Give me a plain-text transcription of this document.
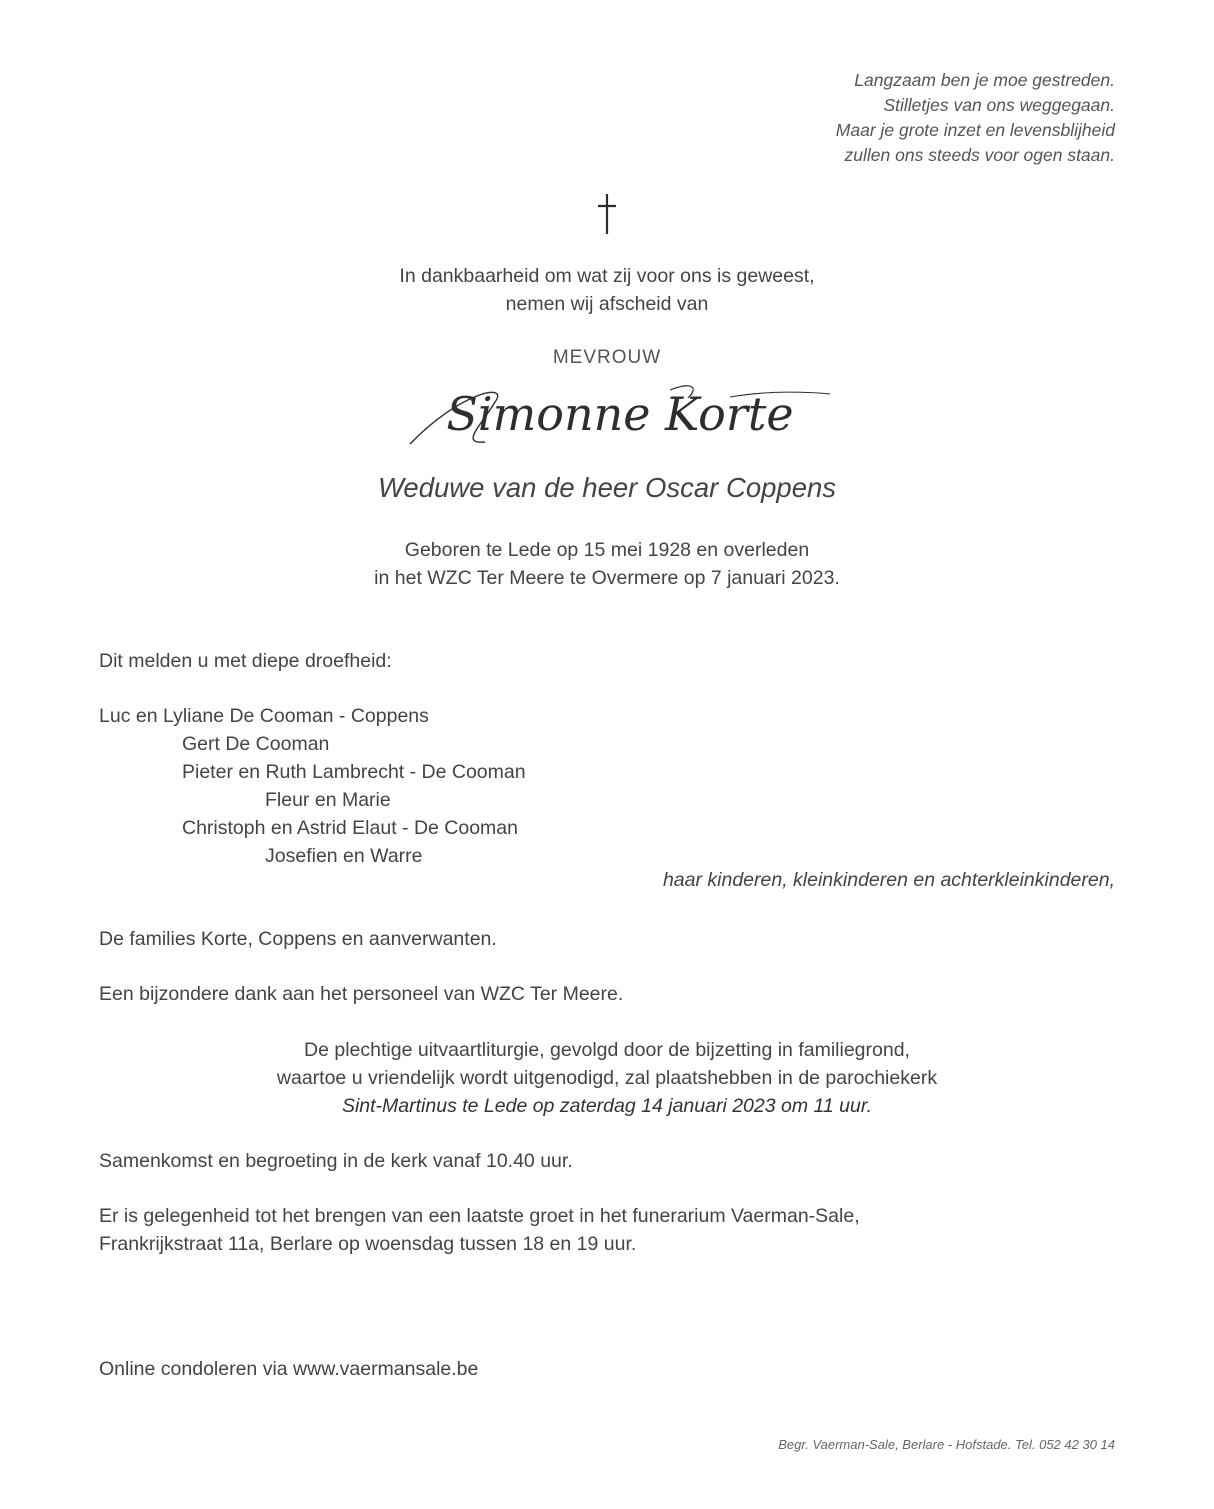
Langzaam ben je moe gestreden.
Stilletjes van ons weggegaan.
Maar je grote inzet en levensblijheid
zullen ons steeds voor ogen staan.
In dankbaarheid om wat zij voor ons is geweest,
nemen wij afscheid van
MEVROUW
Simonne Korte
Weduwe van de heer Oscar Coppens
Geboren te Lede op 15 mei 1928 en overleden
in het WZC Ter Meere te Overmere op 7 januari 2023.
Dit melden u met diepe droefheid:
Luc en Lyliane De Cooman - Coppens
Gert De Cooman
Pieter en Ruth Lambrecht - De Cooman
Fleur en Marie
Christoph en Astrid Elaut - De Cooman
Josefien en Warre
haar kinderen, kleinkinderen en achterkleinkinderen,
De families Korte, Coppens en aanverwanten.
Een bijzondere dank aan het personeel van WZC Ter Meere.
De plechtige uitvaartliturgie, gevolgd door de bijzetting in familiegrond,
waartoe u vriendelijk wordt uitgenodigd, zal plaatshebben in de parochiekerk
Sint-Martinus te Lede op zaterdag 14 januari 2023 om 11 uur.
Samenkomst en begroeting in de kerk vanaf 10.40 uur.
Er is gelegenheid tot het brengen van een laatste groet in het funerarium Vaerman-Sale,
Frankrijkstraat 11a, Berlare op woensdag tussen 18 en 19 uur.
Online condoleren via www.vaermansale.be
Begr. Vaerman-Sale, Berlare - Hofstade. Tel. 052 42 30 14
